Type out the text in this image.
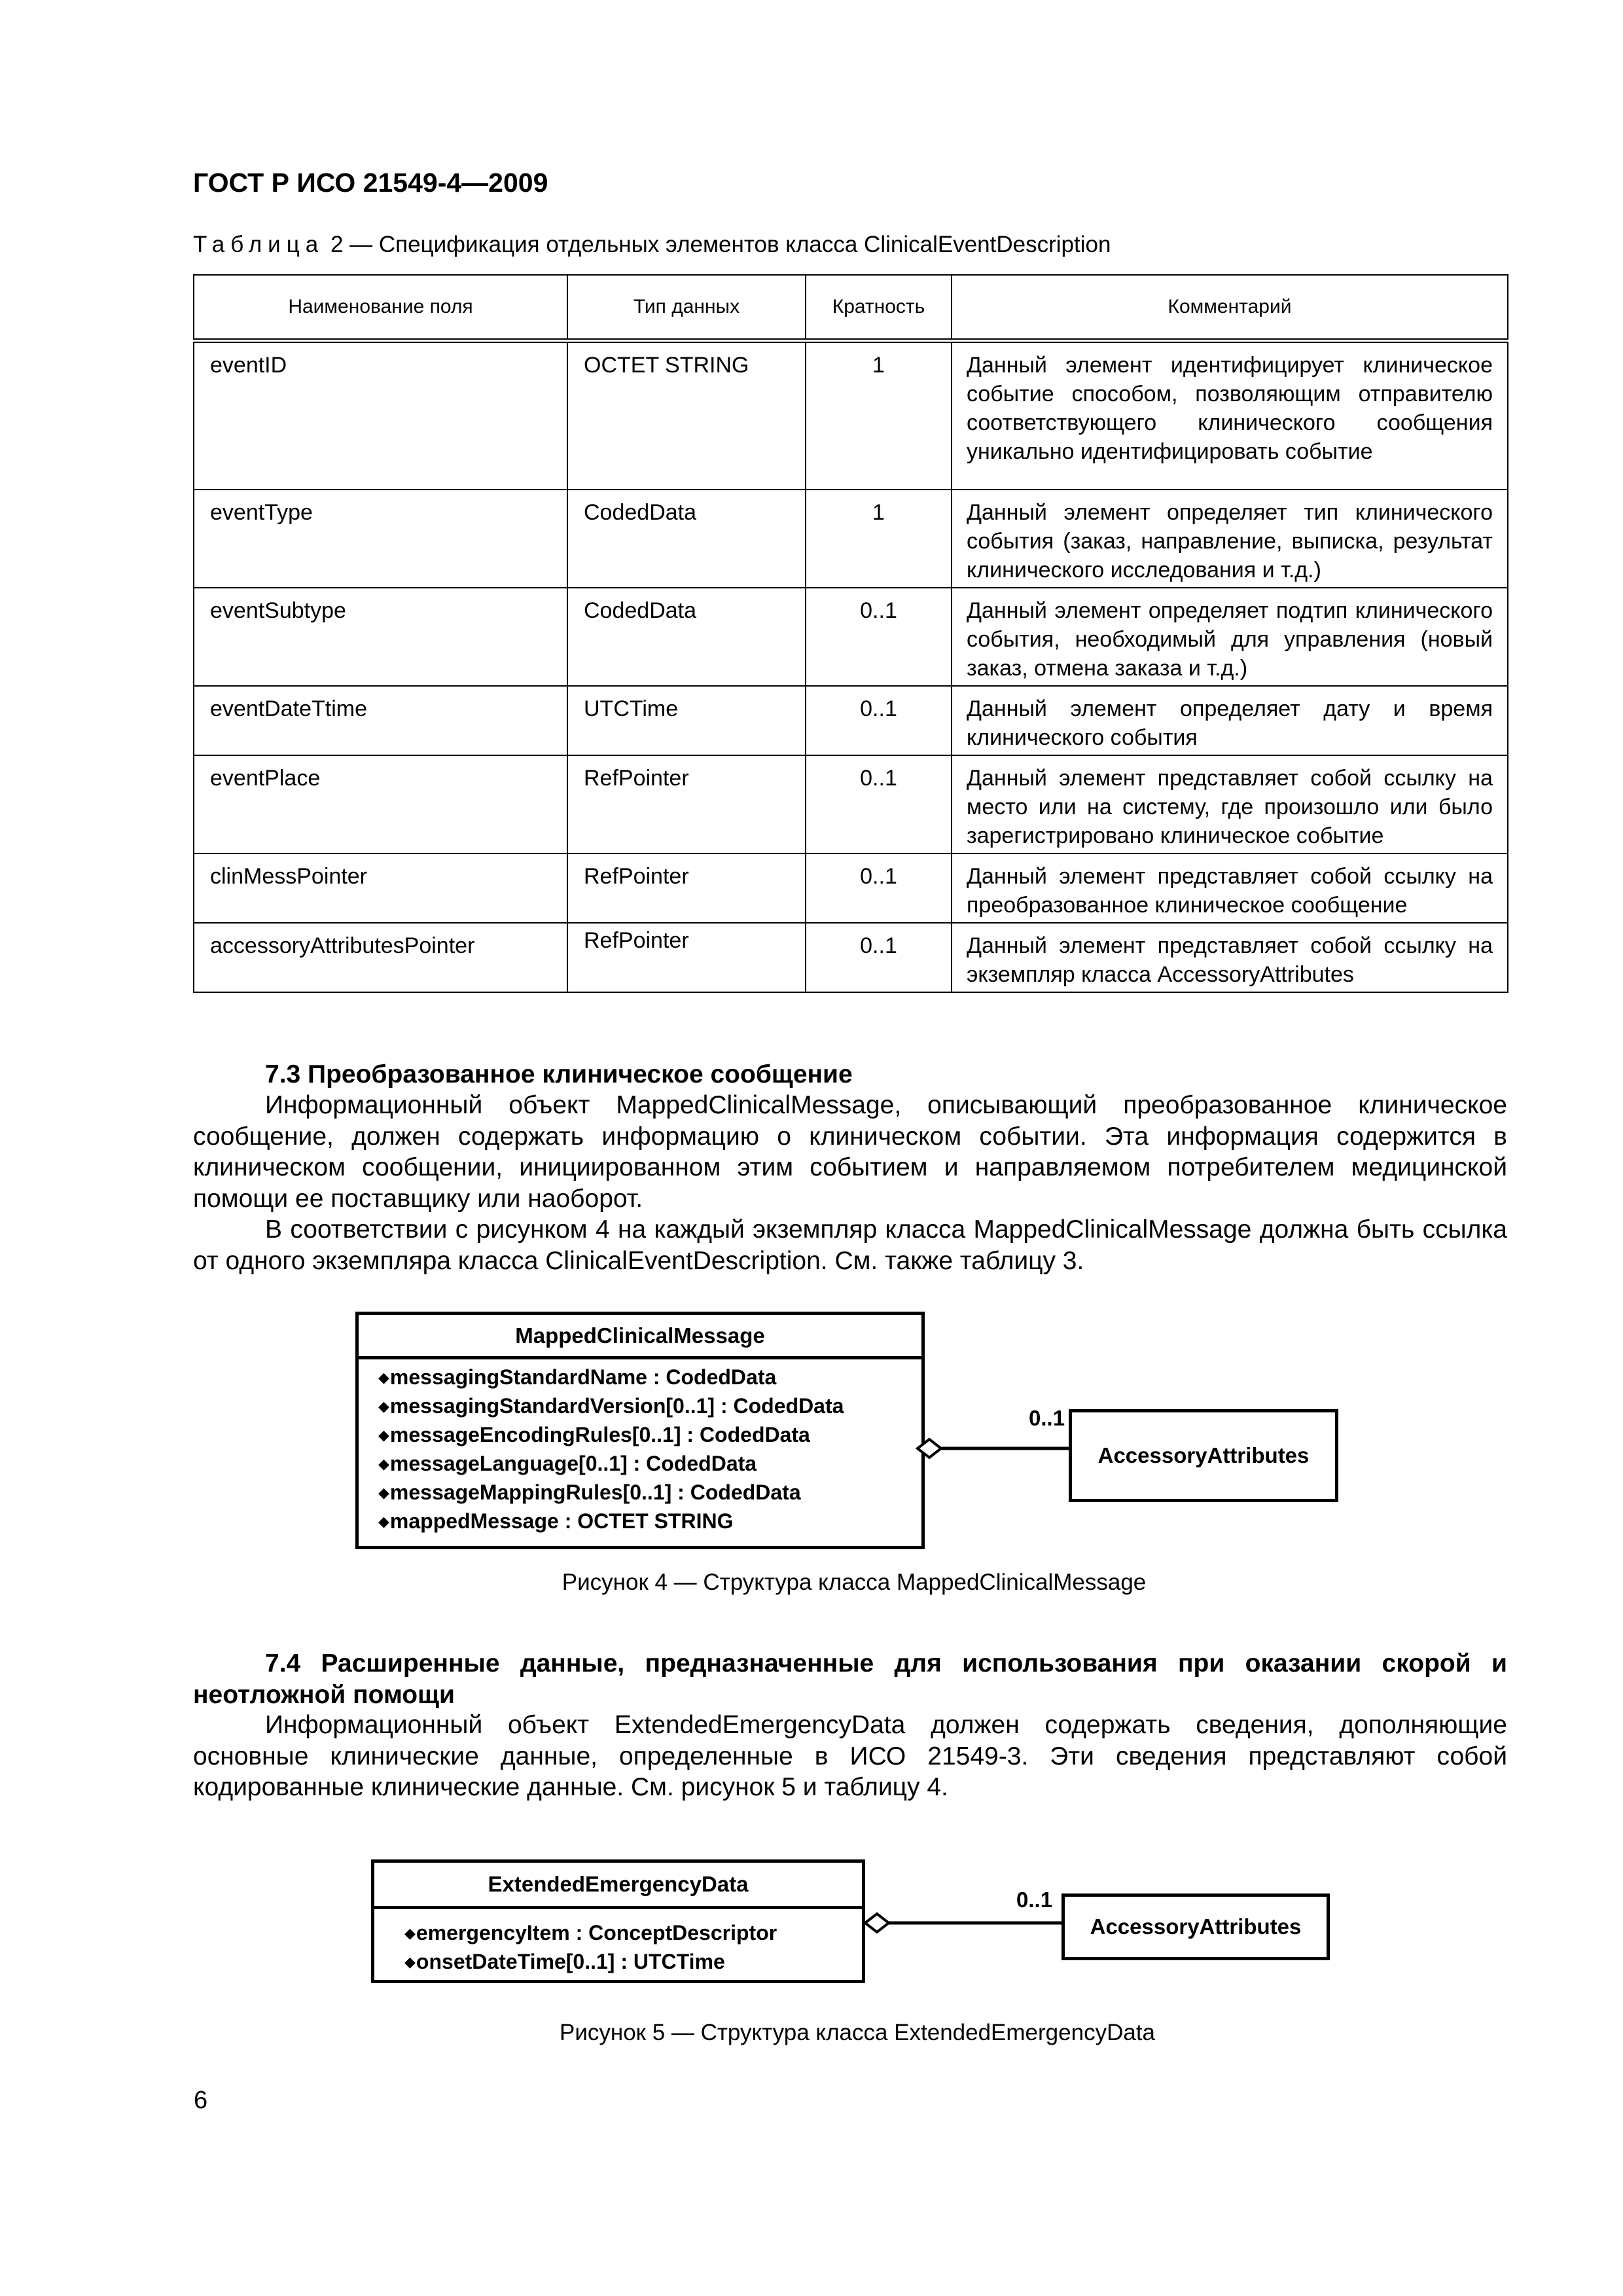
ГОСТ Р ИСО 21549-4—2009
Таблица 2 — Спецификация отдельных элементов класса ClinicalEventDescription
Наименование поля	Тип данных	Кратность	Комментарий
eventID	OCTET STRING	1	Данный элемент идентифицирует клиническое событие способом, позволяющим отправителю соответствующего клинического сообщения уникально идентифицировать событие
eventType	CodedData	1	Данный элемент определяет тип клинического события (заказ, направление, выписка, результат клинического исследования и т.д.)
eventSubtype	CodedData	0..1	Данный элемент определяет подтип клинического события, необходимый для управления (новый заказ, отмена заказа и т.д.)
eventDateTtime	UTCTime	0..1	Данный элемент определяет дату и время клинического события
eventPlace	RefPointer	0..1	Данный элемент представляет собой ссылку на место или на систему, где произошло или было зарегистрировано клиническое событие
clinMessPointer	RefPointer	0..1	Данный элемент представляет собой ссылку на преобразованное клиническое сообщение
accessoryAttributesPointer	RefPointer	0..1	Данный элемент представляет собой ссылку на экземпляр класса AccessoryAttributes
7.3 Преобразованное клиническое сообщение
Информационный объект MappedClinicalMessage, описывающий преобразованное клиническое сообщение, должен содержать информацию о клиническом событии. Эта информация содержится в клиническом сообщении, инициированном этим событием и направляемом потребителем медицинской помощи ее поставщику или наоборот.
В соответствии с рисунком 4 на каждый экземпляр класса MappedClinicalMessage должна быть ссылка от одного экземпляра класса ClinicalEventDescription. См. также таблицу 3.
MappedClinicalMessage
◆messagingStandardName : CodedData
◆messagingStandardVersion[0..1] : CodedData
◆messageEncodingRules[0..1] : CodedData
◆messageLanguage[0..1] : CodedData
◆messageMappingRules[0..1] : CodedData
◆mappedMessage : OCTET STRING
0..1
AccessoryAttributes
Рисунок 4 — Структура класса MappedClinicalMessage
7.4 Расширенные данные, предназначенные для использования при оказании скорой и неотложной помощи
Информационный объект ExtendedEmergencyData должен содержать сведения, дополняющие основные клинические данные, определенные в ИСО 21549-3. Эти сведения представляют собой кодированные клинические данные. См. рисунок 5 и таблицу 4.
ExtendedEmergencyData
◆emergencyItem : ConceptDescriptor
◆onsetDateTime[0..1] : UTCTime
0..1
AccessoryAttributes
Рисунок 5 — Структура класса ExtendedEmergencyData
6
